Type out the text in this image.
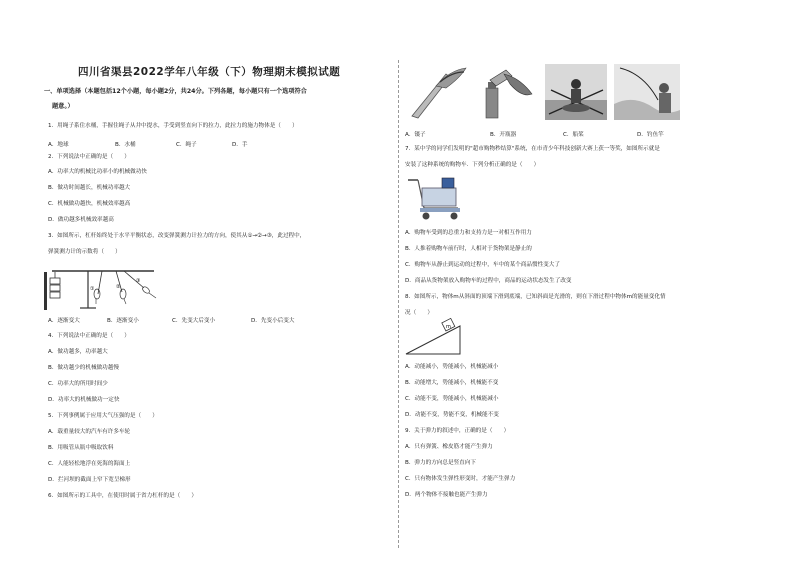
四川省渠县2022学年八年级（下）物理期末模拟试题
一、单项选择（本题包括12个小题，每小题2分，共24分。下列各题，每小题只有一个选项符合
题意。）
1．用绳子系住水桶，手握住绳子从井中提水，手受到竖直向下的拉力，此拉力的施力物体是（　　）
A．地球	B．水桶	C．绳子	D．手
2．下列说法中正确的是（　　）
A．功率大的机械比功率小的机械做功快
B．做功时间越长，机械功率越大
C．机械做功越快，机械效率越高
D．做功越多机械效率越高
3．如图所示，杠杆始终处于水平平衡状态，改变弹簧测力计拉力的方向，使其从①→②→③，此过程中，
弹簧测力计的示数将（　　）
①	②
③
A．逐渐变大	B．逐渐变小	C．先变大后变小	D．先变小后变大
4．下列说法中正确的是（　　）
A．做功越多，功率越大
B．做功越少的机械做功越慢
C．功率大的所用时间少
D．功率大的机械做功一定快
5．下列事例属于应用大气压强的是（　　）
A．载重量较大的汽车有许多车轮
B．用吸管从瓶中吸取饮料
C．人能轻松地浮在死海的海面上
D．拦河坝的截面上窄下宽呈梯形
6．如图所示的工具中，在使用时属于省力杠杆的是（　　）
A．镊子	B．开瓶器	C．船桨	D．钓鱼竿
7．某中学的同学们发明的"超市购物秒结算"系统，在市青少年科技创新大赛上获一等奖，如图所示就是
安装了这种系统的购物车．下列分析正确的是（　　）
A．购物车受到的总重力和支持力是一对相互作用力
B．人推着购物车前行时，人相对于货物架是静止的
C．购物车从静止到运动的过程中，车中的某个商品惯性变大了
D．商品从货物架放入购物车的过程中，商品的运动状态发生了改变
8．如图所示，物体m从斜面的顶端下滑到底端，已知斜面是光滑的，则在下滑过程中物体m的能量变化情
况（　　）
m
A．动能减小，势能减小，机械能减小
B．动能增大，势能减小，机械能不变
C．动能不变，势能减小，机械能减小
D．动能不变，势能不变，机械能不变
9．关于弹力的叙述中，正确的是（　　）
A．只有弹簧、橡皮筋才能产生弹力
B．弹力的方向总是竖直向下
C．只有物体发生弹性形变时，才能产生弹力
D．两个物体不接触也能产生弹力
